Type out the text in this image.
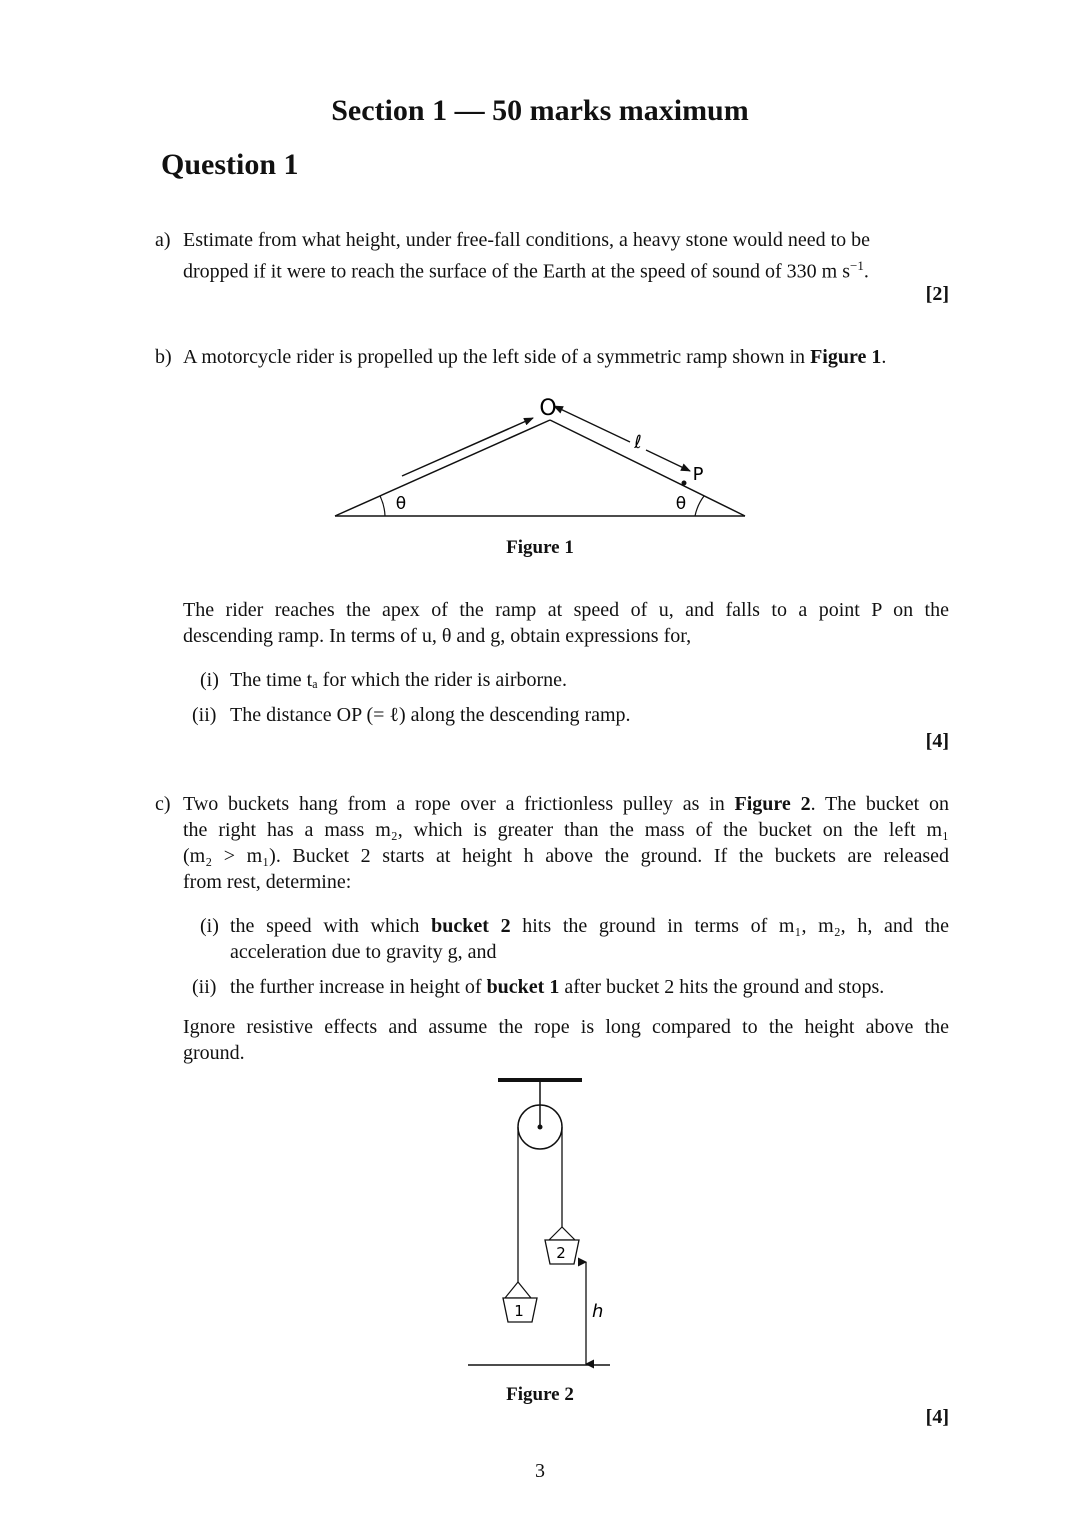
Section 1 — 50 marks maximum
Question 1
a) Estimate from what height, under free-fall conditions, a heavy stone would need to be
dropped if it were to reach the surface of the Earth at the speed of sound of 330 m $s^{-1}$.
[2]
b) A motorcycle rider is propelled up the left side of a symmetric ramp shown in Figure 1.
O
ℓ
P
θ	θ
Figure 1
The rider reaches the apex of the ramp at speed of u, and falls to a point P on the
descending ramp. In terms of u, θ and g, obtain expressions for,
(i) The time tₐ for which the rider is airborne.
(ii) The distance OP (= ℓ) along the descending ramp.
[4]
c) Two buckets hang from a rope over a frictionless pulley as in Figure 2. The bucket on
the right has a mass m₂, which is greater than the mass of the bucket on the left m₁
(m₂ > m₁). Bucket 2 starts at height h above the ground. If the buckets are released
from rest, determine:
(i) the speed with which bucket 2 hits the ground in terms of m₁, m₂, h, and the
acceleration due to gravity g, and
(ii) the further increase in height of bucket 1 after bucket 2 hits the ground and stops.
Ignore resistive effects and assume the rope is long compared to the height above the
ground.
1
2
h
Figure 2
[4]
3
